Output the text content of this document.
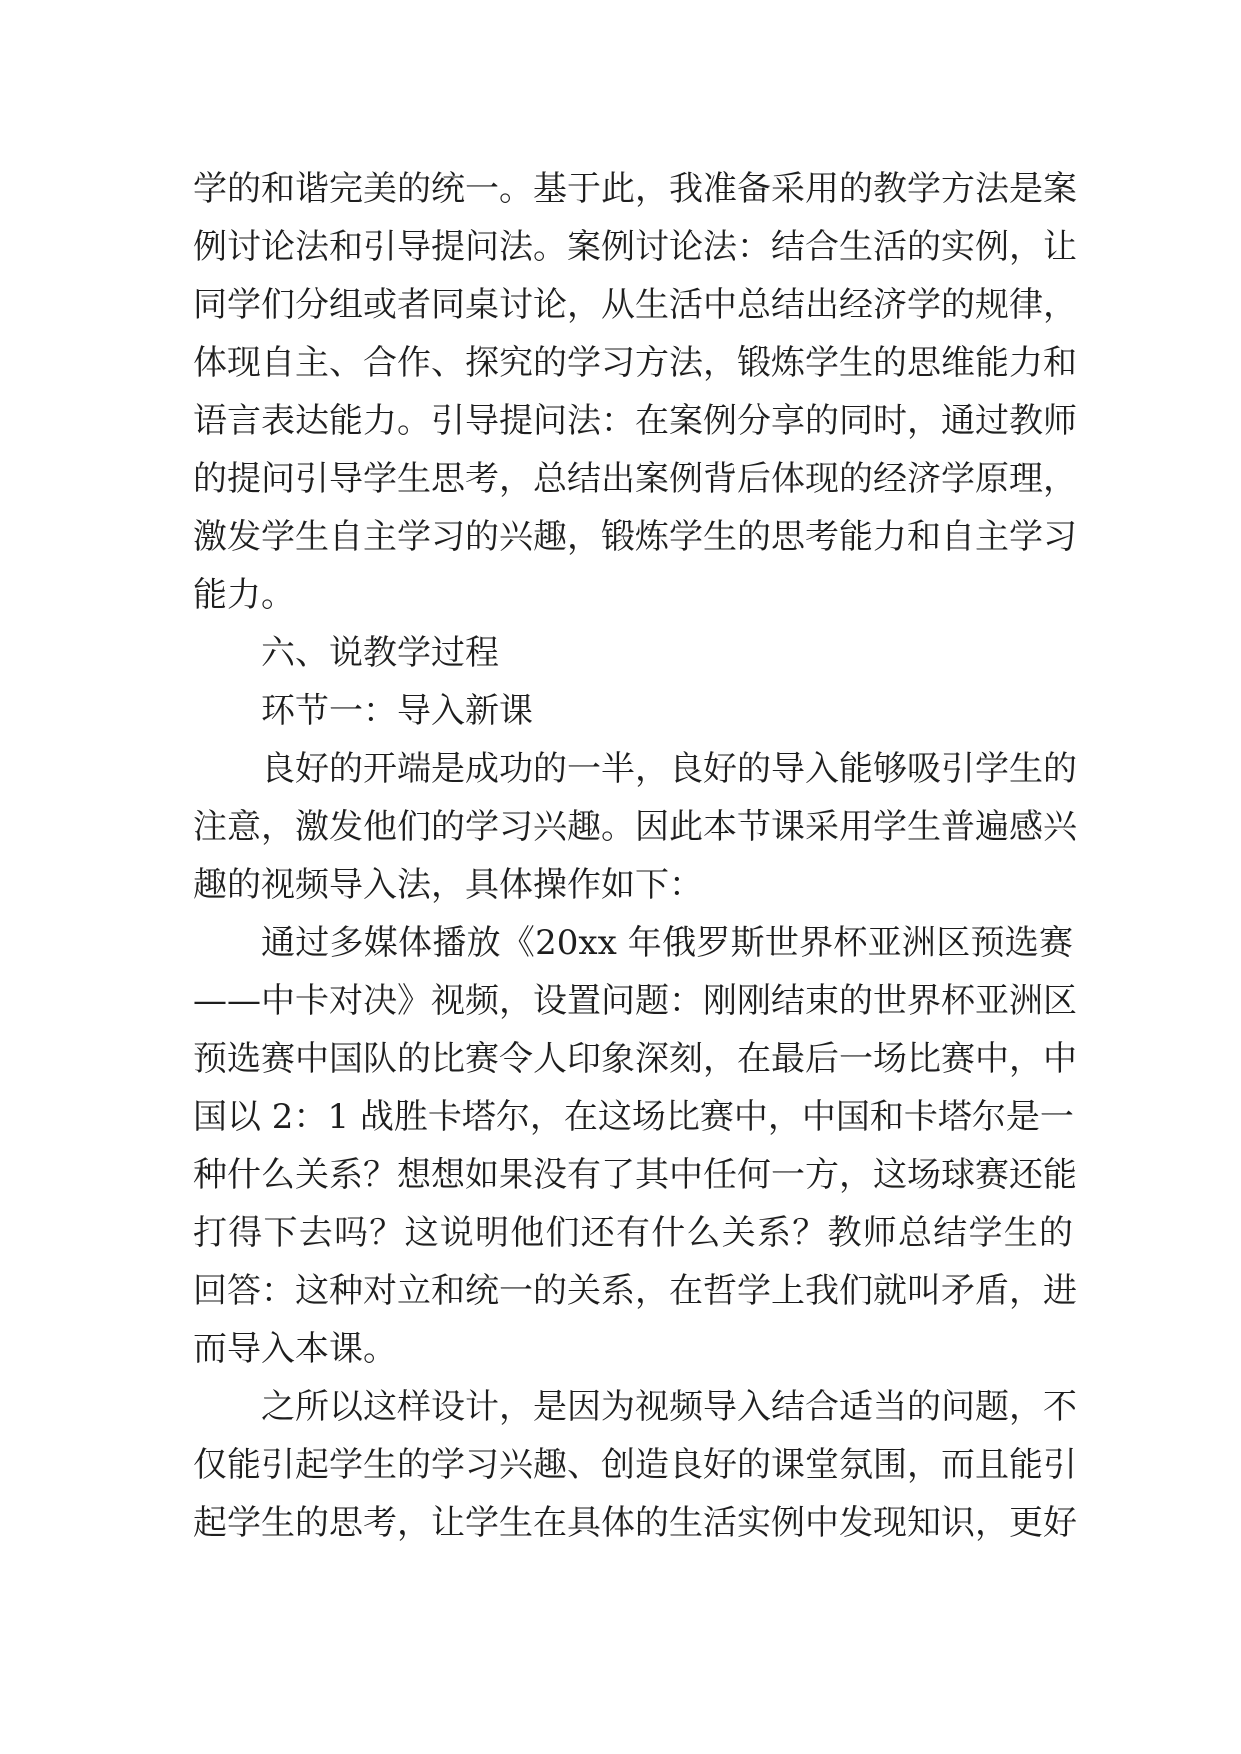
学的和谐完美的统一。基于此，我准备采用的教学方法是案
例讨论法和引导提问法。案例讨论法：结合生活的实例，让
同学们分组或者同桌讨论，从生活中总结出经济学的规律，
体现自主、合作、探究的学习方法，锻炼学生的思维能力和
语言表达能力。引导提问法：在案例分享的同时，通过教师
的提问引导学生思考，总结出案例背后体现的经济学原理，
激发学生自主学习的兴趣，锻炼学生的思考能力和自主学习
能力。
六、说教学过程
环节一：导入新课
良好的开端是成功的一半，良好的导入能够吸引学生的
注意，激发他们的学习兴趣。因此本节课采用学生普遍感兴
趣的视频导入法，具体操作如下：
通过多媒体播放《20xx 年俄罗斯世界杯亚洲区预选赛
——中卡对决》视频，设置问题：刚刚结束的世界杯亚洲区
预选赛中国队的比赛令人印象深刻，在最后一场比赛中，中
国以 2：1 战胜卡塔尔，在这场比赛中，中国和卡塔尔是一
种什么关系？想想如果没有了其中任何一方，这场球赛还能
打得下去吗？这说明他们还有什么关系？教师总结学生的
回答：这种对立和统一的关系，在哲学上我们就叫矛盾，进
而导入本课。
之所以这样设计，是因为视频导入结合适当的问题，不
仅能引起学生的学习兴趣、创造良好的课堂氛围，而且能引
起学生的思考，让学生在具体的生活实例中发现知识，更好
